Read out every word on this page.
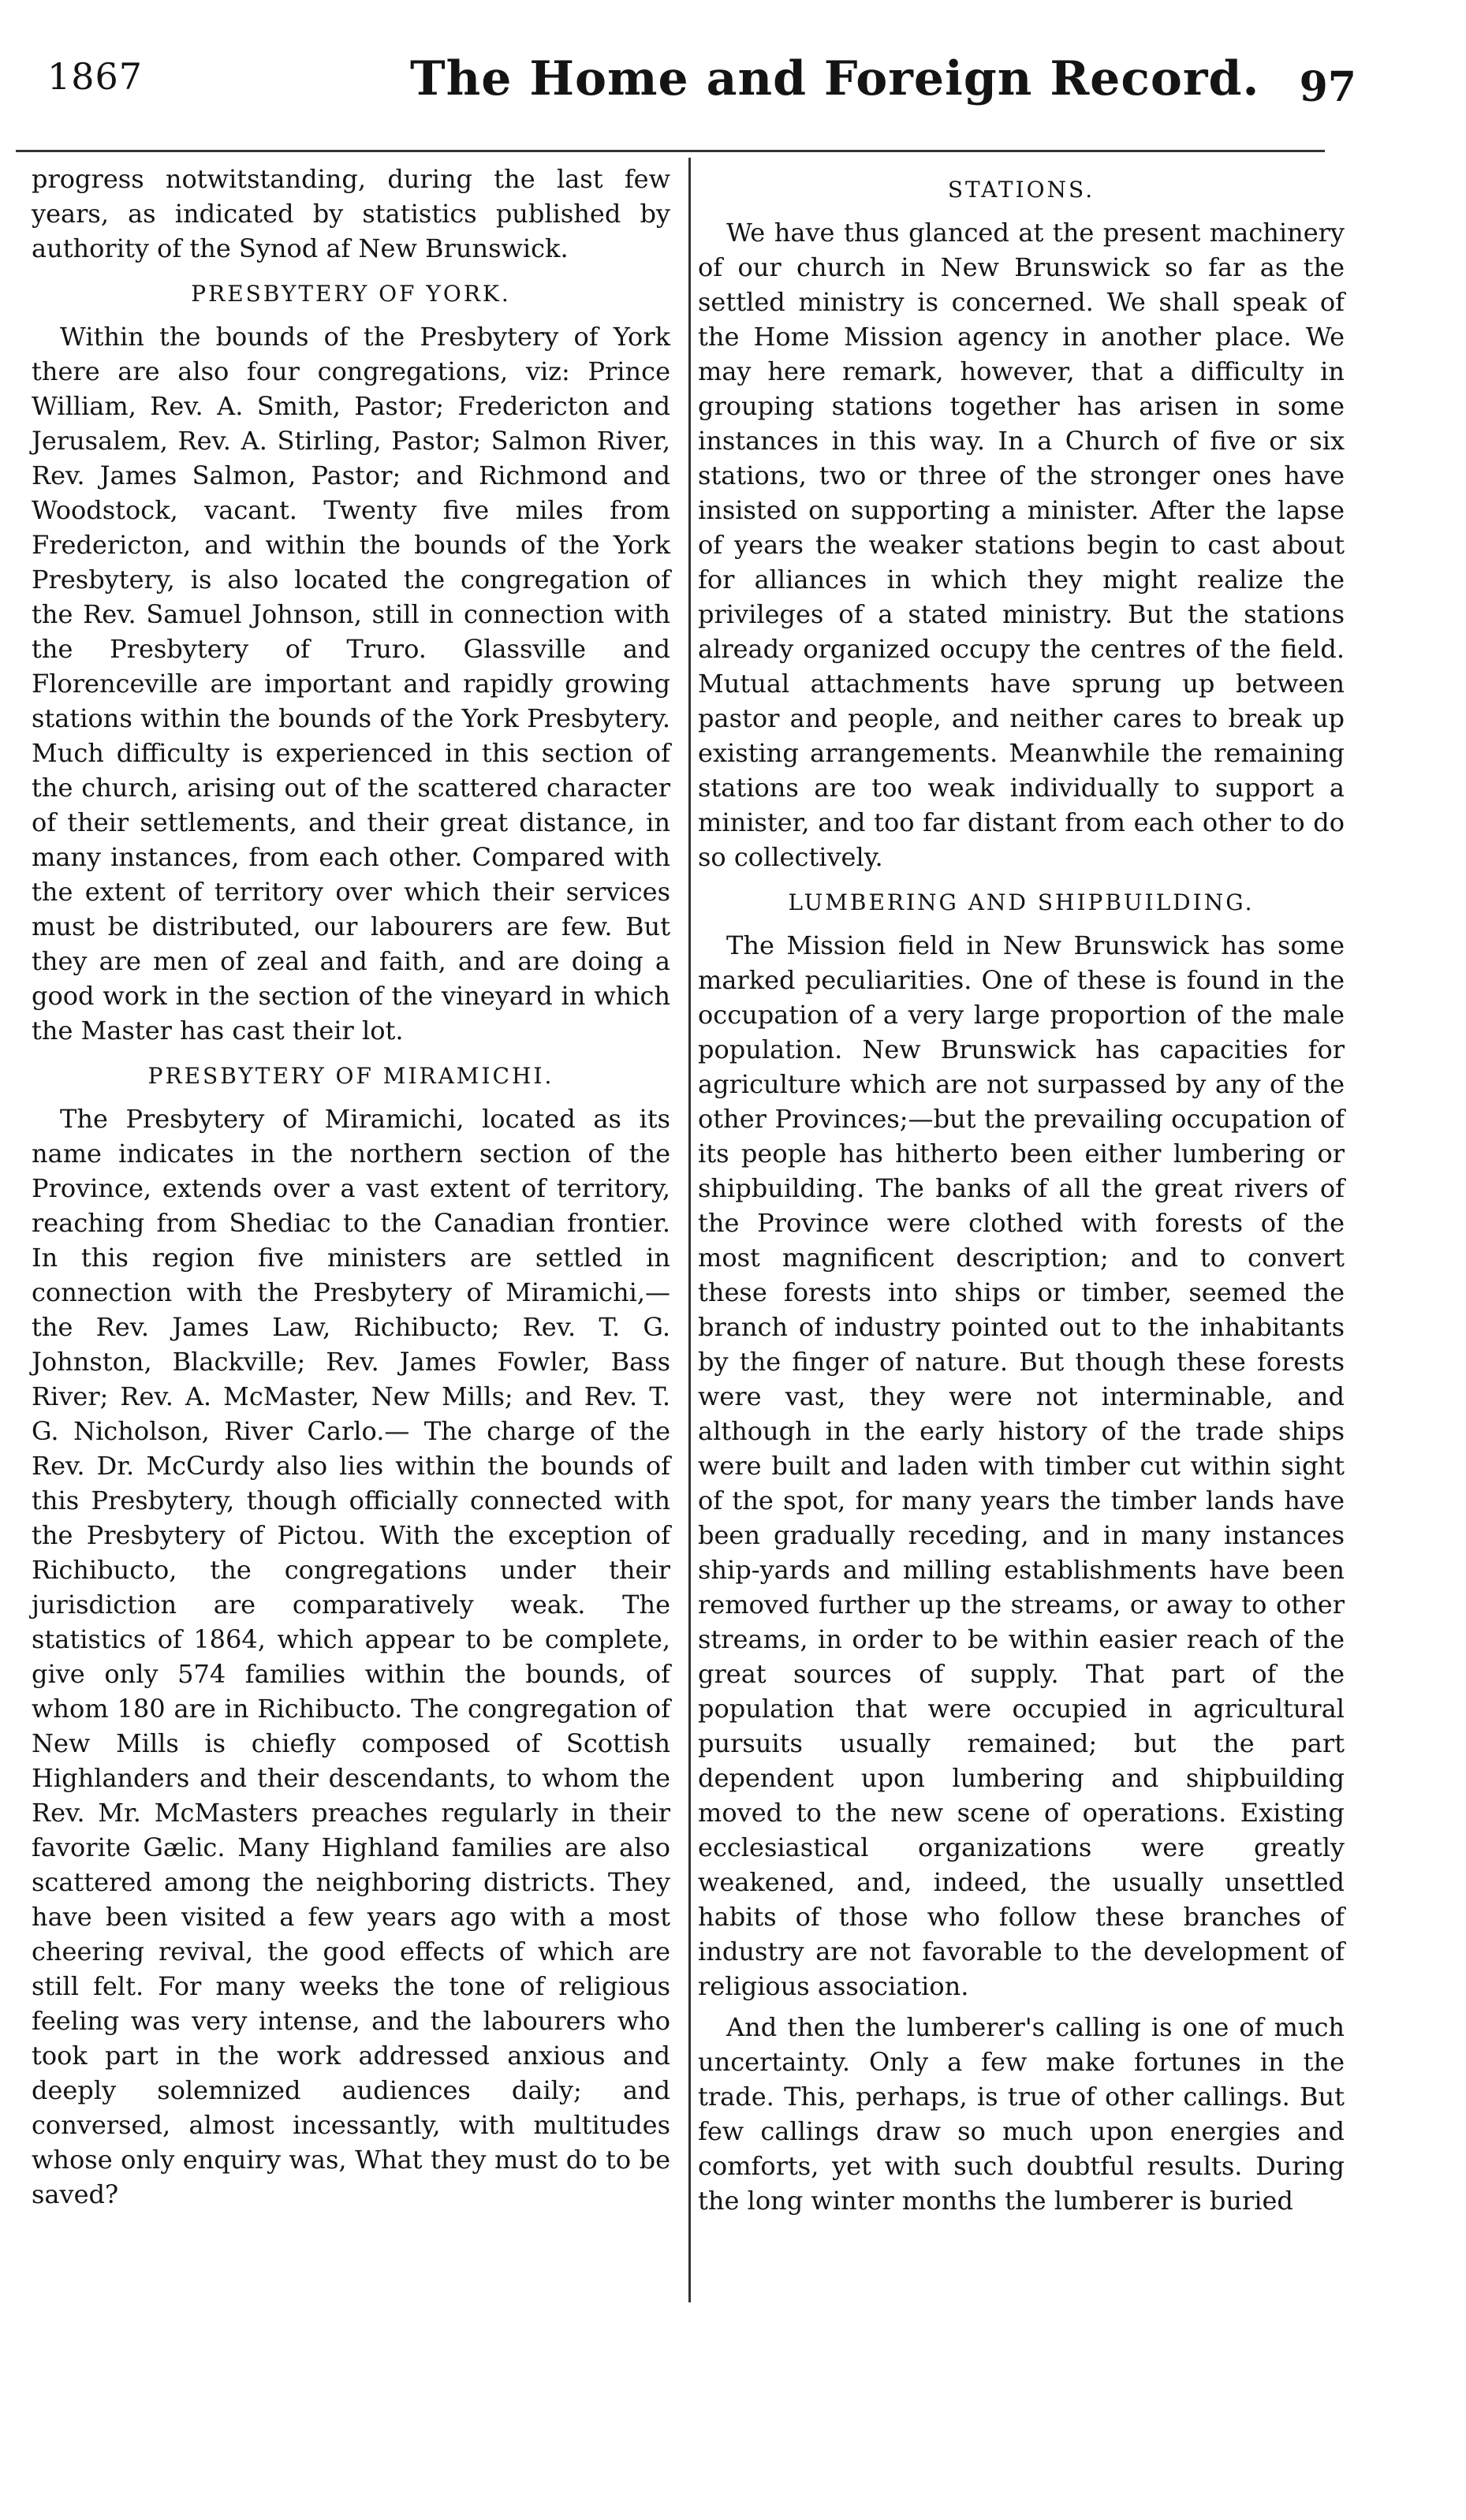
1867	The Home and Foreign Record. 97

progress notwitstanding, during the last few years, as indicated by statistics published by authority of the Synod af New Brunswick.

PRESBYTERY OF YORK.

Within the bounds of the Presbytery of York there are also four congregations, viz: Prince William, Rev. A. Smith, Pastor; Fredericton and Jerusalem, Rev. A. Stirling, Pastor; Salmon River, Rev. James Salmon, Pastor; and Richmond and Woodstock, vacant. Twenty five miles from Fredericton, and within the bounds of the York Presbytery, is also located the congregation of the Rev. Samuel Johnson, still in connection with the Presbytery of Truro. Glassville and Florenceville are important and rapidly growing stations within the bounds of the York Presbytery. Much difficulty is experienced in this section of the church, arising out of the scattered character of their settlements, and their great distance, in many instances, from each other. Compared with the extent of territory over which their services must be distributed, our labourers are few. But they are men of zeal and faith, and are doing a good work in the section of the vineyard in which the Master has cast their lot.

PRESBYTERY OF MIRAMICHI.

The Presbytery of Miramichi, located as its name indicates in the northern section of the Province, extends over a vast extent of territory, reaching from Shediac to the Canadian frontier. In this region five ministers are settled in connection with the Presbytery of Miramichi,—the Rev. James Law, Richibucto; Rev. T. G. Johnston, Blackville; Rev. James Fowler, Bass River; Rev. A. McMaster, New Mills; and Rev. T. G. Nicholson, River Carlo.— The charge of the Rev. Dr. McCurdy also lies within the bounds of this Presbytery, though officially connected with the Presbytery of Pictou. With the exception of Richibucto, the congregations under their jurisdiction are comparatively weak. The statistics of 1864, which appear to be complete, give only 574 families within the bounds, of whom 180 are in Richibucto. The congregation of New Mills is chiefly composed of Scottish Highlanders and their descendants, to whom the Rev. Mr. McMasters preaches regularly in their favorite Gælic. Many Highland families are also scattered among the neighboring districts. They have been visited a few years ago with a most cheering revival, the good effects of which are still felt. For many weeks the tone of religious feeling was very intense, and the labourers who took part in the work addressed anxious and deeply solemnized audiences daily; and conversed, almost incessantly, with multitudes whose only enquiry was, What they must do to be saved?

STATIONS.

We have thus glanced at the present machinery of our church in New Brunswick so far as the settled ministry is concerned. We shall speak of the Home Mission agency in another place. We may here remark, however, that a difficulty in grouping stations together has arisen in some instances in this way. In a Church of five or six stations, two or three of the stronger ones have insisted on supporting a minister. After the lapse of years the weaker stations begin to cast about for alliances in which they might realize the privileges of a stated ministry. But the stations already organized occupy the centres of the field. Mutual attachments have sprung up between pastor and people, and neither cares to break up existing arrangements. Meanwhile the remaining stations are too weak individually to support a minister, and too far distant from each other to do so collectively.

LUMBERING AND SHIPBUILDING.

The Mission field in New Brunswick has some marked peculiarities. One of these is found in the occupation of a very large proportion of the male population. New Brunswick has capacities for agriculture which are not surpassed by any of the other Provinces;—but the prevailing occupation of its people has hitherto been either lumbering or shipbuilding. The banks of all the great rivers of the Province were clothed with forests of the most magnificent description; and to convert these forests into ships or timber, seemed the branch of industry pointed out to the inhabitants by the finger of nature. But though these forests were vast, they were not interminable, and although in the early history of the trade ships were built and laden with timber cut within sight of the spot, for many years the timber lands have been gradually receding, and in many instances ship-yards and milling establishments have been removed further up the streams, or away to other streams, in order to be within easier reach of the great sources of supply. That part of the population that were occupied in agricultural pursuits usually remained; but the part dependent upon lumbering and shipbuilding moved to the new scene of operations. Existing ecclesiastical organizations were greatly weakened, and, indeed, the usually unsettled habits of those who follow these branches of industry are not favorable to the development of religious association.

And then the lumberer's calling is one of much uncertainty. Only a few make fortunes in the trade. This, perhaps, is true of other callings. But few callings draw so much upon energies and comforts, yet with such doubtful results. During the long winter months the lumberer is buried
